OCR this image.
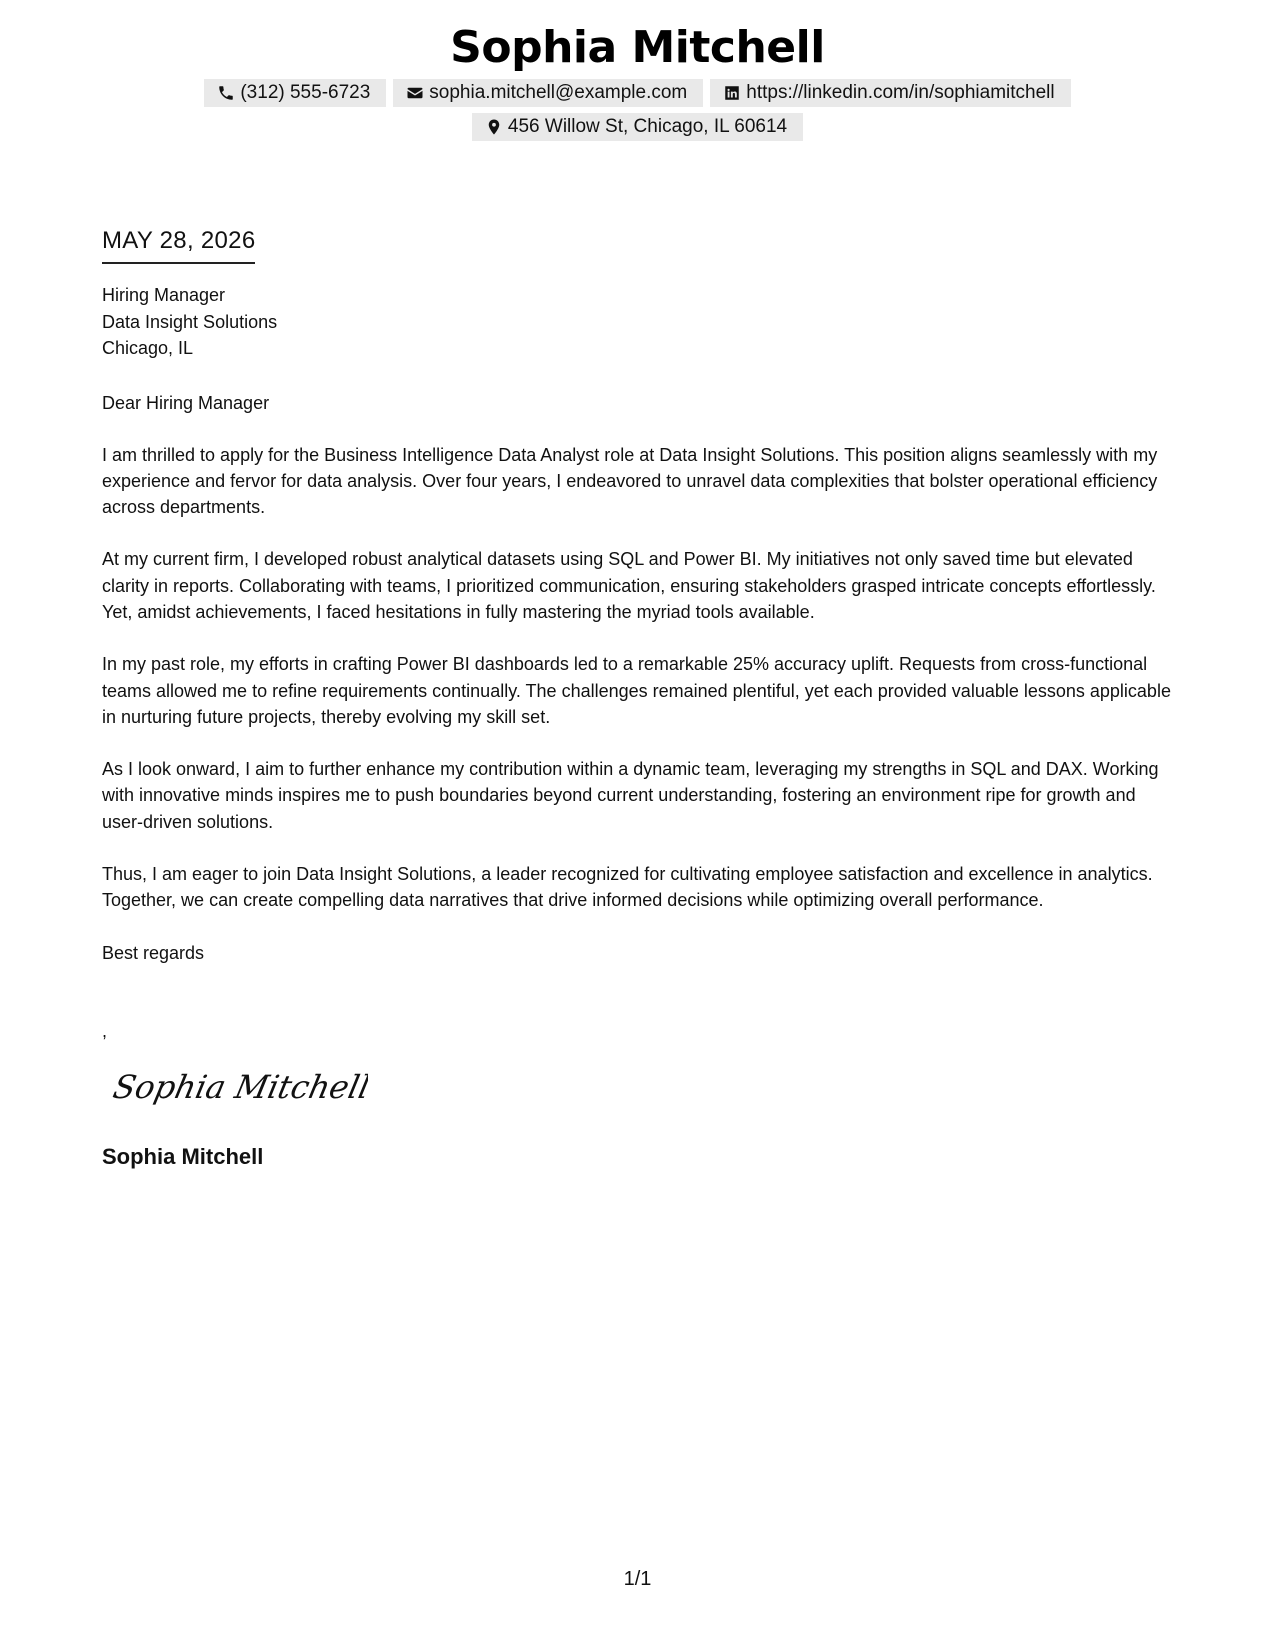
Sophia Mitchell
(312) 555-6723	sophia.mitchell@example.com	https://linkedin.com/in/sophiamitchell
456 Willow St, Chicago, IL 60614
MAY 28, 2026
Hiring Manager
Data Insight Solutions
Chicago, IL
Dear Hiring Manager
I am thrilled to apply for the Business Intelligence Data Analyst role at Data Insight Solutions. This position aligns seamlessly with my experience and fervor for data analysis. Over four years, I endeavored to unravel data complexities that bolster operational efficiency across departments.
At my current firm, I developed robust analytical datasets using SQL and Power BI. My initiatives not only saved time but elevated clarity in reports. Collaborating with teams, I prioritized communication, ensuring stakeholders grasped intricate concepts effortlessly. Yet, amidst achievements, I faced hesitations in fully mastering the myriad tools available.
In my past role, my efforts in crafting Power BI dashboards led to a remarkable 25% accuracy uplift. Requests from cross-functional teams allowed me to refine requirements continually. The challenges remained plentiful, yet each provided valuable lessons applicable in nurturing future projects, thereby evolving my skill set.
As I look onward, I aim to further enhance my contribution within a dynamic team, leveraging my strengths in SQL and DAX. Working with innovative minds inspires me to push boundaries beyond current understanding, fostering an environment ripe for growth and user-driven solutions.
Thus, I am eager to join Data Insight Solutions, a leader recognized for cultivating employee satisfaction and excellence in analytics. Together, we can create compelling data narratives that drive informed decisions while optimizing overall performance.
Best regards
,
Sophia Mitchell
Sophia Mitchell
1/1
